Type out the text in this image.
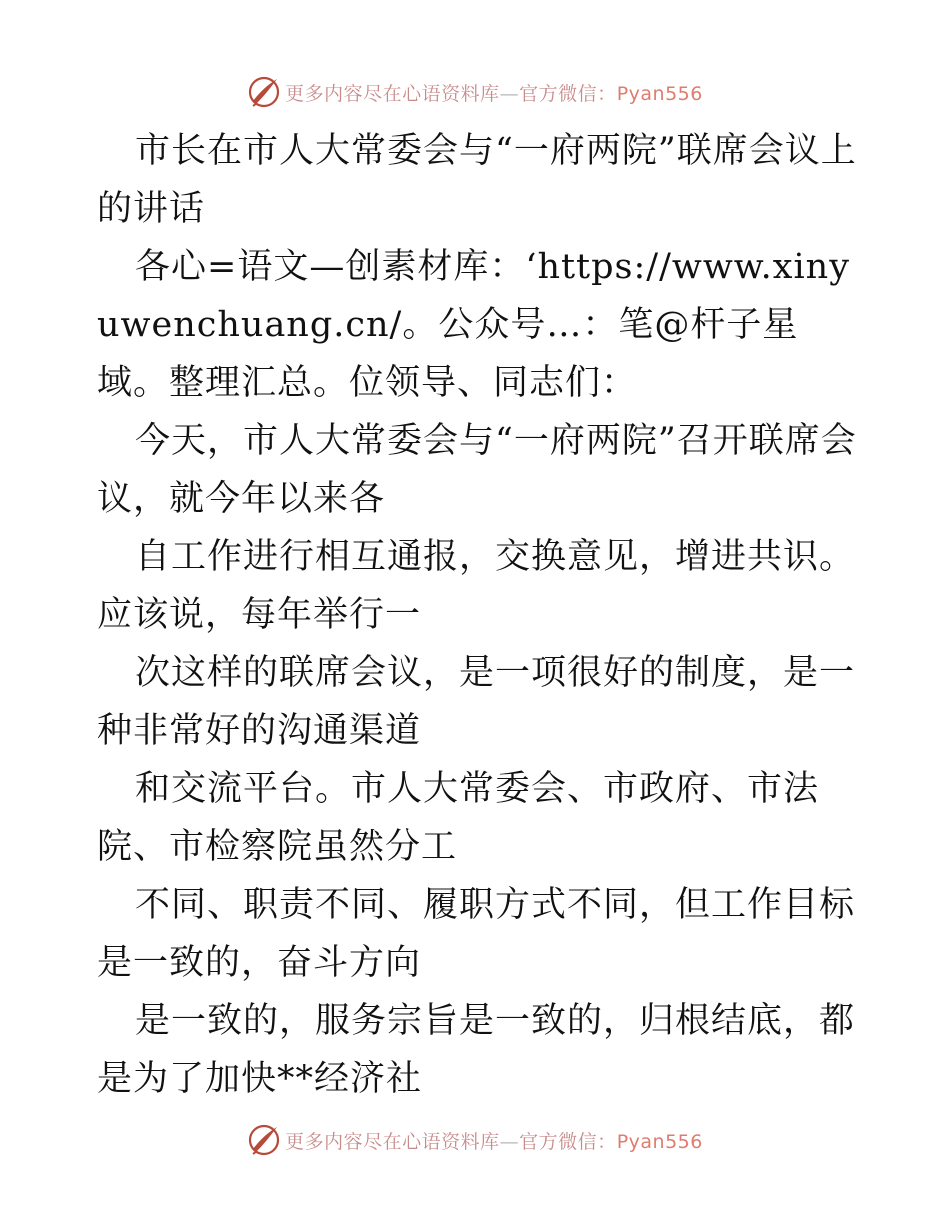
更多内容尽在心语资料库—官方微信：Pyan556

市长在市人大常委会与“一府两院”联席会议上的讲话

各心=语文—创素材库：‘https://www.xinyuwenchuang.cn/。公众号…：笔@杆子星域。整理汇总。位领导、同志们：

今天，市人大常委会与“一府两院”召开联席会议，就今年以来各

自工作进行相互通报，交换意见，增进共识。应该说，每年举行一

次这样的联席会议，是一项很好的制度，是一种非常好的沟通渠道

和交流平台。市人大常委会、市政府、市法院、市检察院虽然分工

不同、职责不同、履职方式不同，但工作目标是一致的，奋斗方向

是一致的，服务宗旨是一致的，归根结底，都是为了加快**经济社

更多内容尽在心语资料库—官方微信：Pyan556
